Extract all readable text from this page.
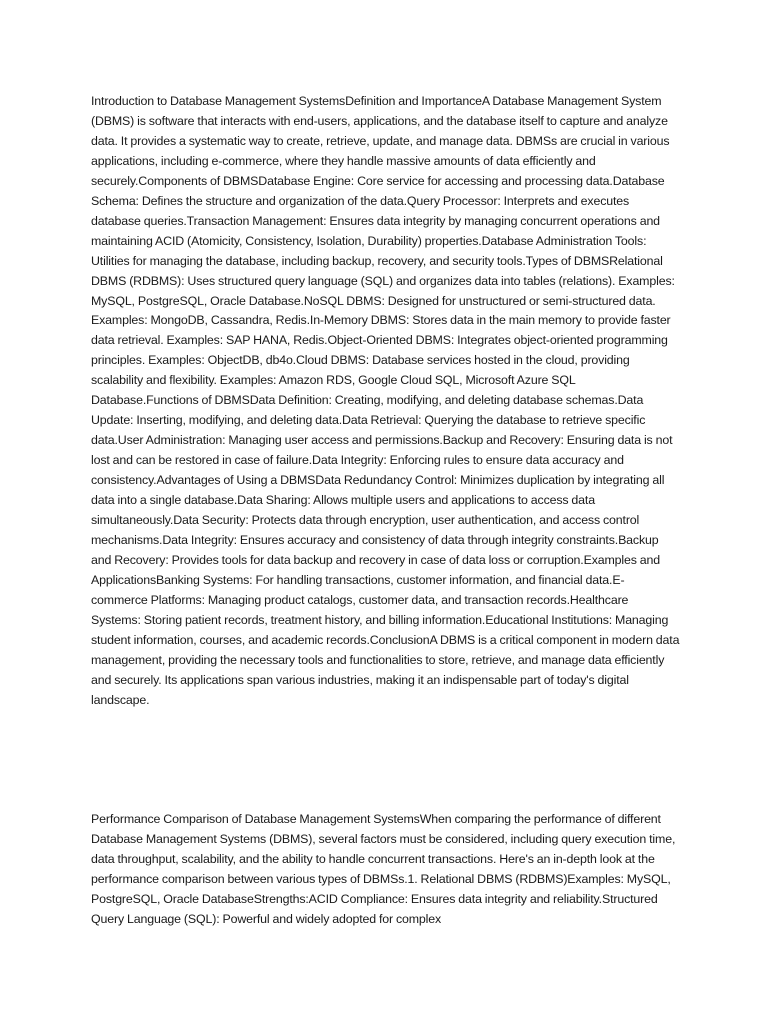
Introduction to Database Management SystemsDefinition and ImportanceA Database Management System (DBMS) is software that interacts with end-users, applications, and the database itself to capture and analyze data. It provides a systematic way to create, retrieve, update, and manage data. DBMSs are crucial in various applications, including e-commerce, where they handle massive amounts of data efficiently and securely.Components of DBMSDatabase Engine: Core service for accessing and processing data.Database Schema: Defines the structure and organization of the data.Query Processor: Interprets and executes database queries.Transaction Management: Ensures data integrity by managing concurrent operations and maintaining ACID (Atomicity, Consistency, Isolation, Durability) properties.Database Administration Tools: Utilities for managing the database, including backup, recovery, and security tools.Types of DBMSRelational DBMS (RDBMS): Uses structured query language (SQL) and organizes data into tables (relations). Examples: MySQL, PostgreSQL, Oracle Database.NoSQL DBMS: Designed for unstructured or semi-structured data. Examples: MongoDB, Cassandra, Redis.In-Memory DBMS: Stores data in the main memory to provide faster data retrieval. Examples: SAP HANA, Redis.Object-Oriented DBMS: Integrates object-oriented programming principles. Examples: ObjectDB, db4o.Cloud DBMS: Database services hosted in the cloud, providing scalability and flexibility. Examples: Amazon RDS, Google Cloud SQL, Microsoft Azure SQL Database.Functions of DBMSData Definition: Creating, modifying, and deleting database schemas.Data Update: Inserting, modifying, and deleting data.Data Retrieval: Querying the database to retrieve specific data.User Administration: Managing user access and permissions.Backup and Recovery: Ensuring data is not lost and can be restored in case of failure.Data Integrity: Enforcing rules to ensure data accuracy and consistency.Advantages of Using a DBMSData Redundancy Control: Minimizes duplication by integrating all data into a single database.Data Sharing: Allows multiple users and applications to access data simultaneously.Data Security: Protects data through encryption, user authentication, and access control mechanisms.Data Integrity: Ensures accuracy and consistency of data through integrity constraints.Backup and Recovery: Provides tools for data backup and recovery in case of data loss or corruption.Examples and ApplicationsBanking Systems: For handling transactions, customer information, and financial data.E-commerce Platforms: Managing product catalogs, customer data, and transaction records.Healthcare Systems: Storing patient records, treatment history, and billing information.Educational Institutions: Managing student information, courses, and academic records.ConclusionA DBMS is a critical component in modern data management, providing the necessary tools and functionalities to store, retrieve, and manage data efficiently and securely. Its applications span various industries, making it an indispensable part of today's digital landscape.

Performance Comparison of Database Management SystemsWhen comparing the performance of different Database Management Systems (DBMS), several factors must be considered, including query execution time, data throughput, scalability, and the ability to handle concurrent transactions. Here's an in-depth look at the performance comparison between various types of DBMSs.1. Relational DBMS (RDBMS)Examples: MySQL, PostgreSQL, Oracle DatabaseStrengths:ACID Compliance: Ensures data integrity and reliability.Structured Query Language (SQL): Powerful and widely adopted for complex
